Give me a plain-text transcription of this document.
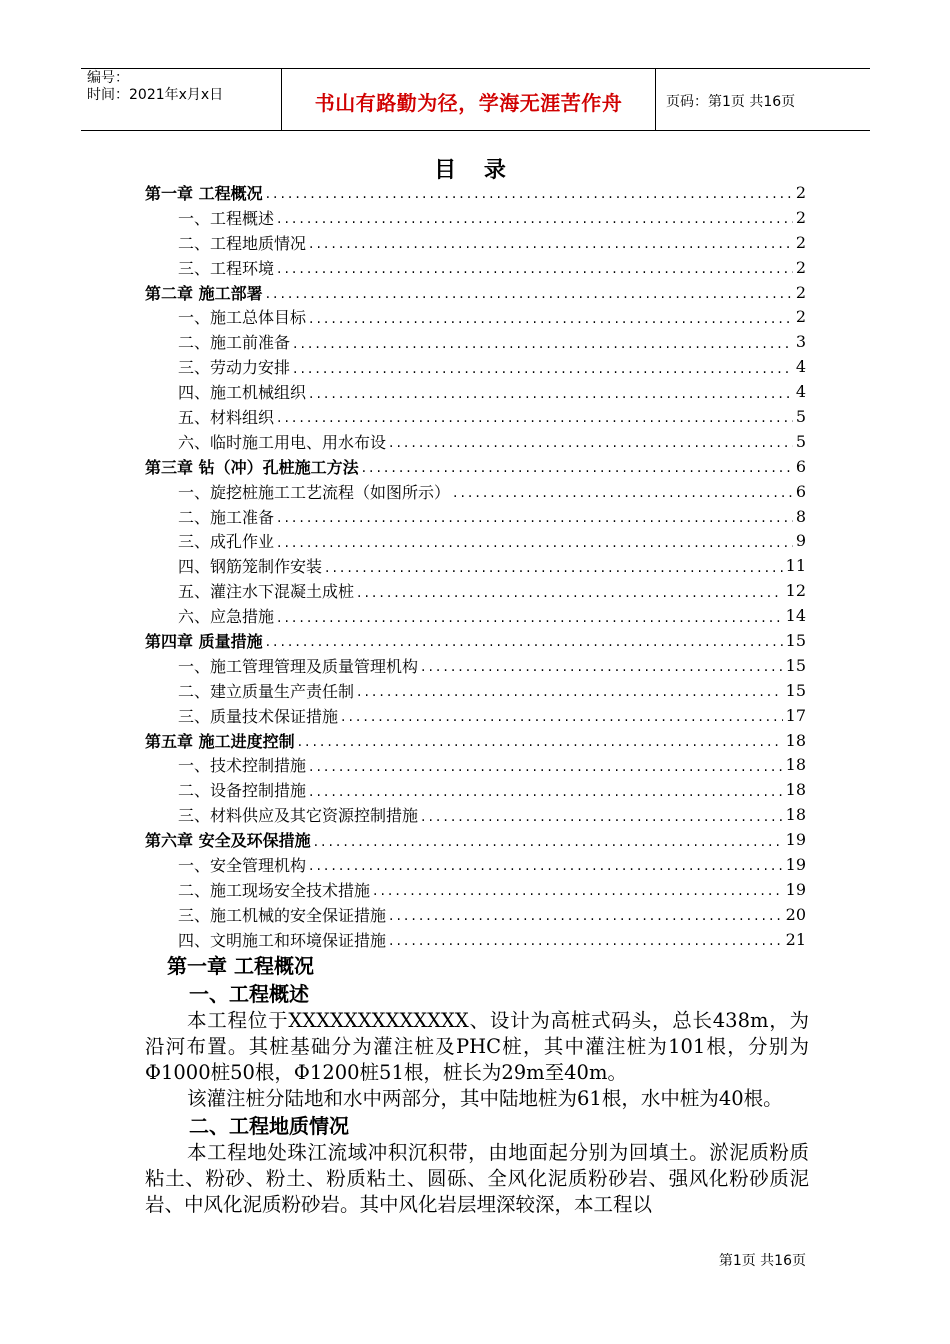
编号：
时间：2021年x月x日	书山有路勤为径，学海无涯苦作舟	页码：第1页 共16页
目 录
第一章 工程概况 .....	2
一、工程概述 .....	2
二、工程地质情况 .....	2
三、工程环境 .....	2
第二章 施工部署 .....	2
一、施工总体目标 .....	2
二、施工前准备 .....	3
三、劳动力安排 .....	4
四、施工机械组织 .....	4
五、材料组织 .....	5
六、临时施工用电、用水布设 .....	5
第三章 钻（冲）孔桩施工方法 .....	6
一、旋挖桩施工工艺流程（如图所示） .....	6
二、施工准备 .....	8
三、成孔作业 .....	9
四、钢筋笼制作安装 .....	11
五、灌注水下混凝土成桩 .....	12
六、应急措施 .....	14
第四章 质量措施 .....	15
一、施工管理管理及质量管理机构 .....	15
二、建立质量生产责任制 .....	15
三、质量技术保证措施 .....	17
第五章 施工进度控制 .....	18
一、技术控制措施 .....	18
二、设备控制措施 .....	18
三、材料供应及其它资源控制措施 .....	18
第六章 安全及环保措施 .....	19
一、安全管理机构 .....	19
二、施工现场安全技术措施 .....	19
三、施工机械的安全保证措施 .....	20
四、文明施工和环境保证措施 .....	21

第一章 工程概况

一、工程概述

本工程位于XXXXXXXXXXXXX、设计为高桩式码头，总长438m，为沿河布置。其桩基础分为灌注桩及PHC桩，其中灌注桩为101根，分别为Φ1000桩50根，Φ1200桩51根，桩长为29m至40m。

该灌注桩分陆地和水中两部分，其中陆地桩为61根，水中桩为40根。

二、工程地质情况

本工程地处珠江流域冲积沉积带，由地面起分别为回填土。淤泥质粉质粘土、粉砂、粉土、粉质粘土、圆砾、全风化泥质粉砂岩、强风化粉砂质泥岩、中风化泥质粉砂岩。其中风化岩层埋深较深，本工程以

第1页 共16页
